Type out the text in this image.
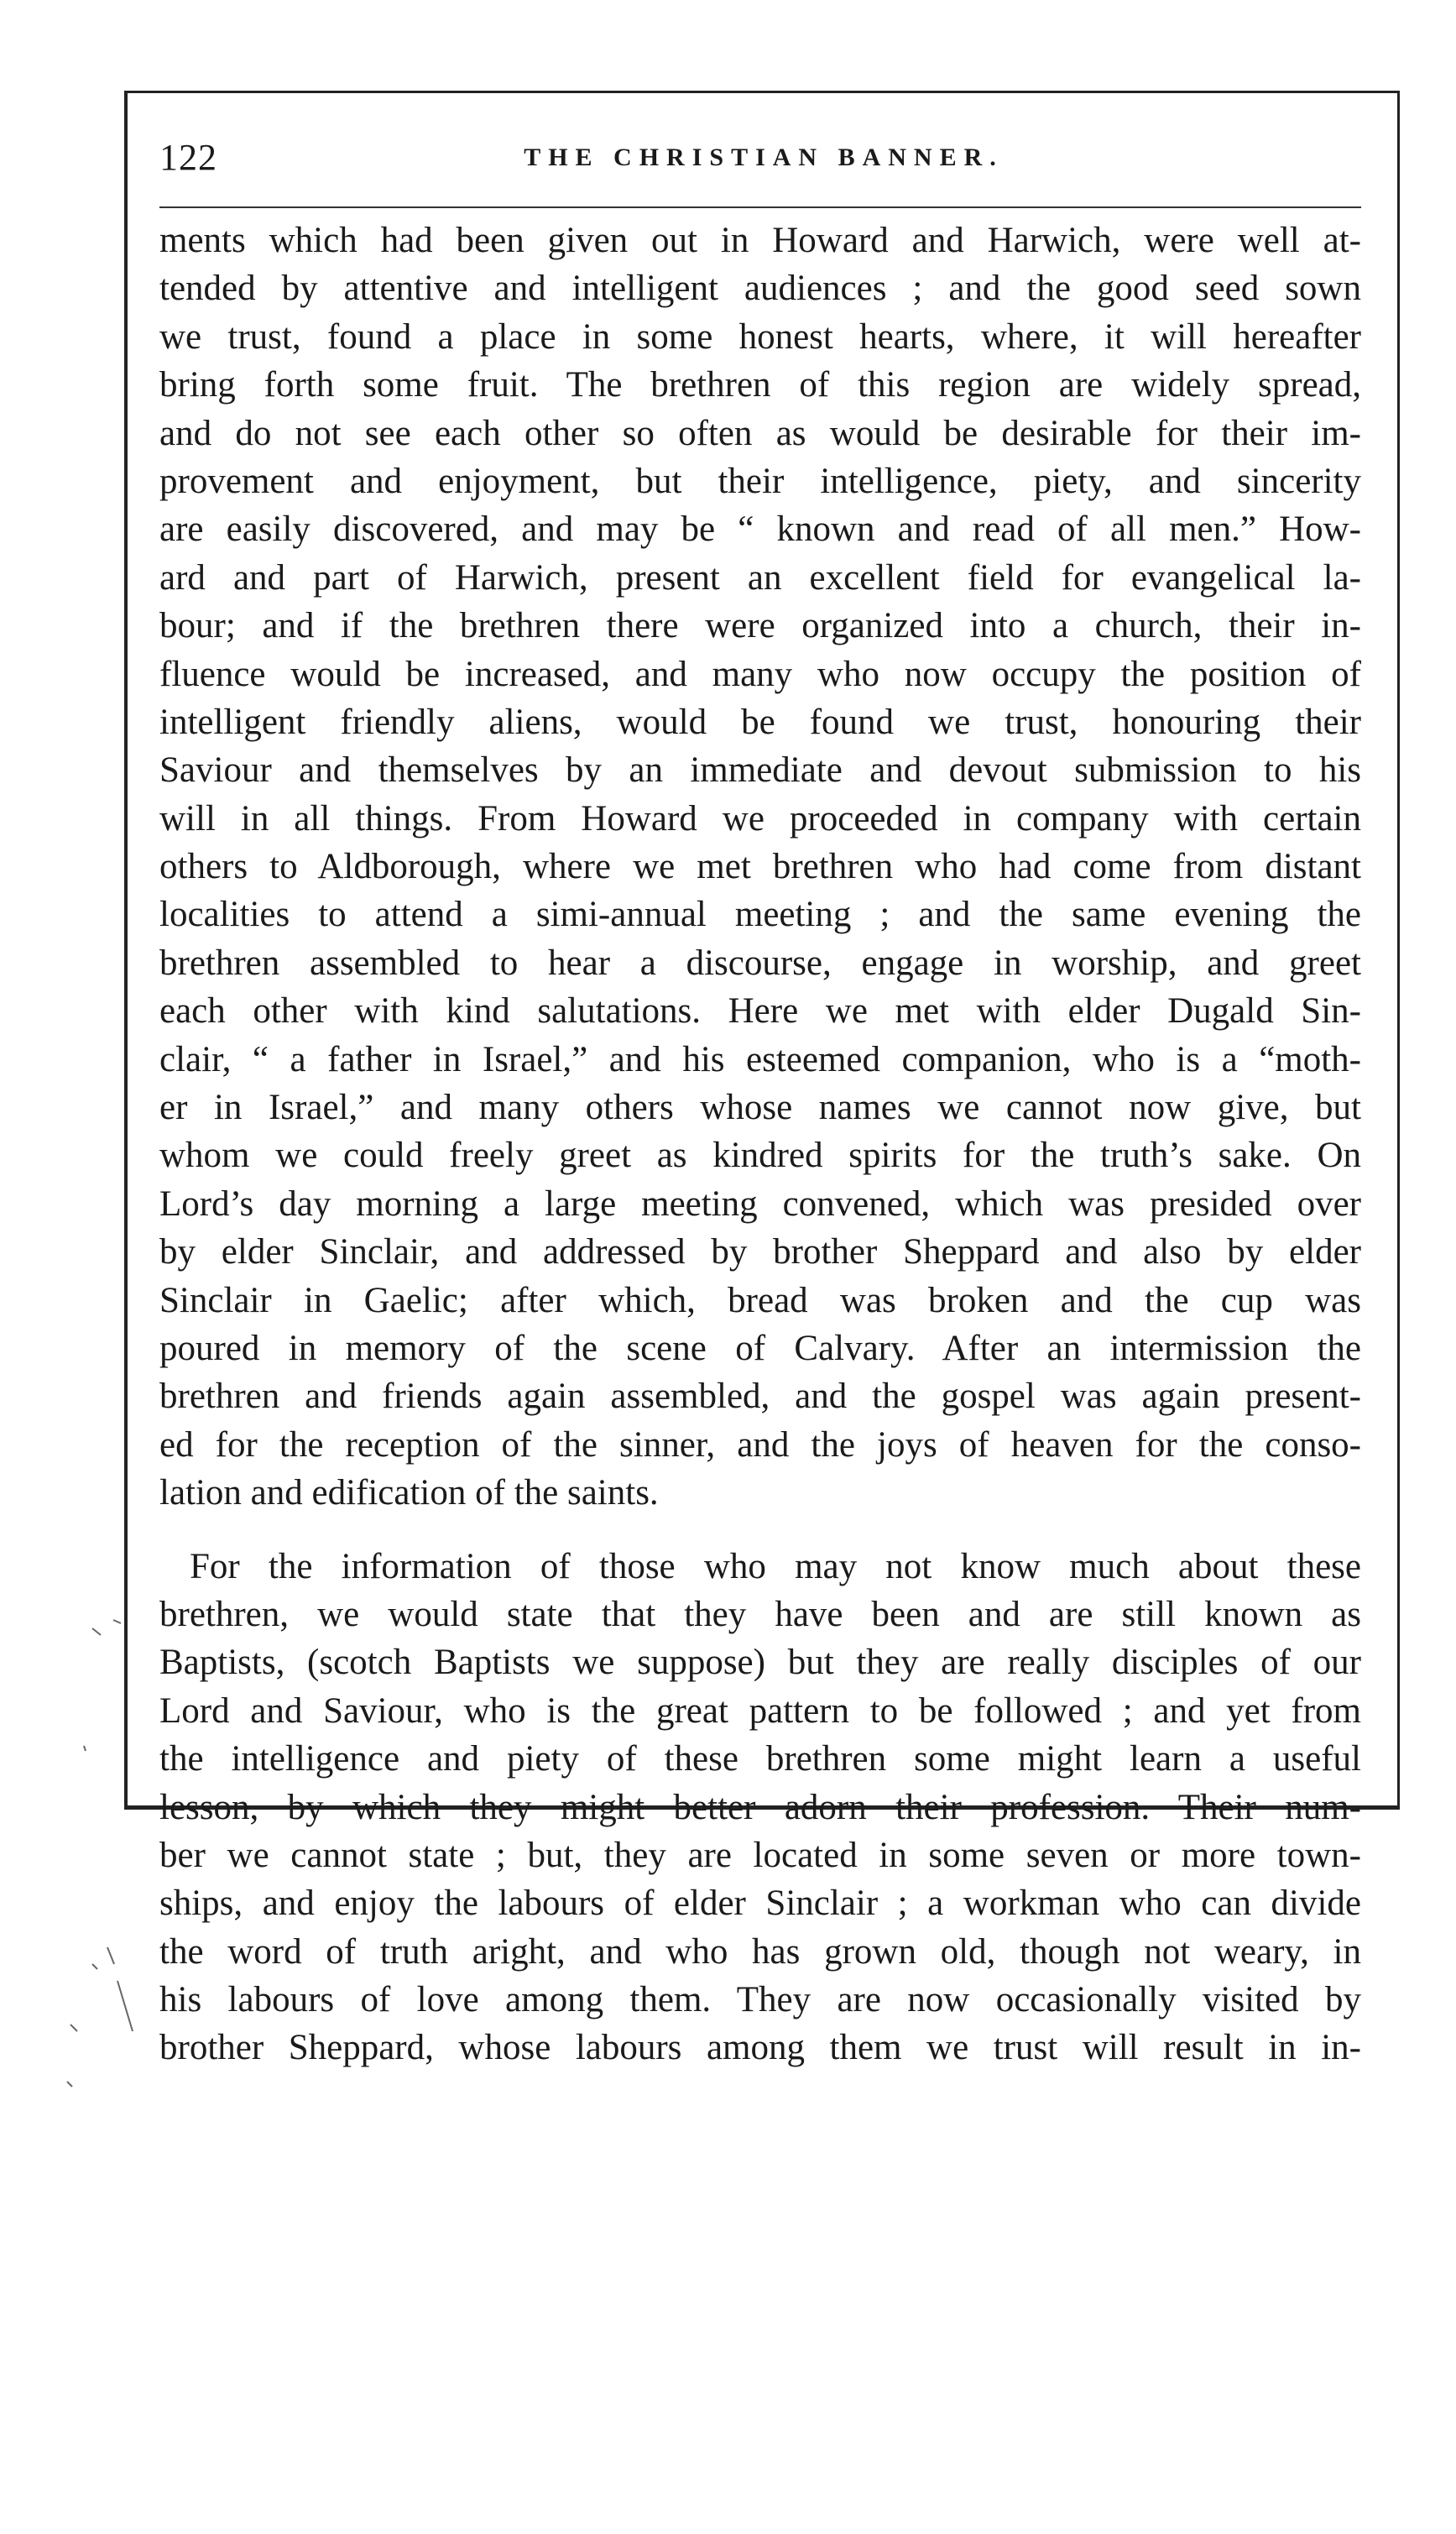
122	THE CHRISTIAN BANNER.
ments which had been given out in Howard and Harwich, were well at-
tended by attentive and intelligent audiences ; and the good seed sown
we trust, found a place in some honest hearts, where, it will hereafter
bring forth some fruit. The brethren of this region are widely spread,
and do not see each other so often as would be desirable for their im-
provement and enjoyment, but their intelligence, piety, and sincerity
are easily discovered, and may be “ known and read of all men.” How-
ard and part of Harwich, present an excellent field for evangelical la-
bour; and if the brethren there were organized into a church, their in-
fluence would be increased, and many who now occupy the position of
intelligent friendly aliens, would be found we trust, honouring their
Saviour and themselves by an immediate and devout submission to his
will in all things. From Howard we proceeded in company with certain
others to Aldborough, where we met brethren who had come from distant
localities to attend a simi-annual meeting ; and the same evening the
brethren assembled to hear a discourse, engage in worship, and greet
each other with kind salutations. Here we met with elder Dugald Sin-
clair, “ a father in Israel,” and his esteemed companion, who is a “moth-
er in Israel,” and many others whose names we cannot now give, but
whom we could freely greet as kindred spirits for the truth’s sake. On
Lord’s day morning a large meeting convened, which was presided over
by elder Sinclair, and addressed by brother Sheppard and also by elder
Sinclair in Gaelic; after which, bread was broken and the cup was
poured in memory of the scene of Calvary. After an intermission the
brethren and friends again assembled, and the gospel was again present-
ed for the reception of the sinner, and the joys of heaven for the conso-
lation and edification of the saints.
For the information of those who may not know much about these
brethren, we would state that they have been and are still known as
Baptists, (scotch Baptists we suppose) but they are really disciples of our
Lord and Saviour, who is the great pattern to be followed ; and yet from
the intelligence and piety of these brethren some might learn a useful
lesson, by which they might better adorn their profession. Their num-
ber we cannot state ; but, they are located in some seven or more town-
ships, and enjoy the labours of elder Sinclair ; a workman who can divide
the word of truth aright, and who has grown old, though not weary, in
his labours of love among them. They are now occasionally visited by
brother Sheppard, whose labours among them we trust will result in in-
